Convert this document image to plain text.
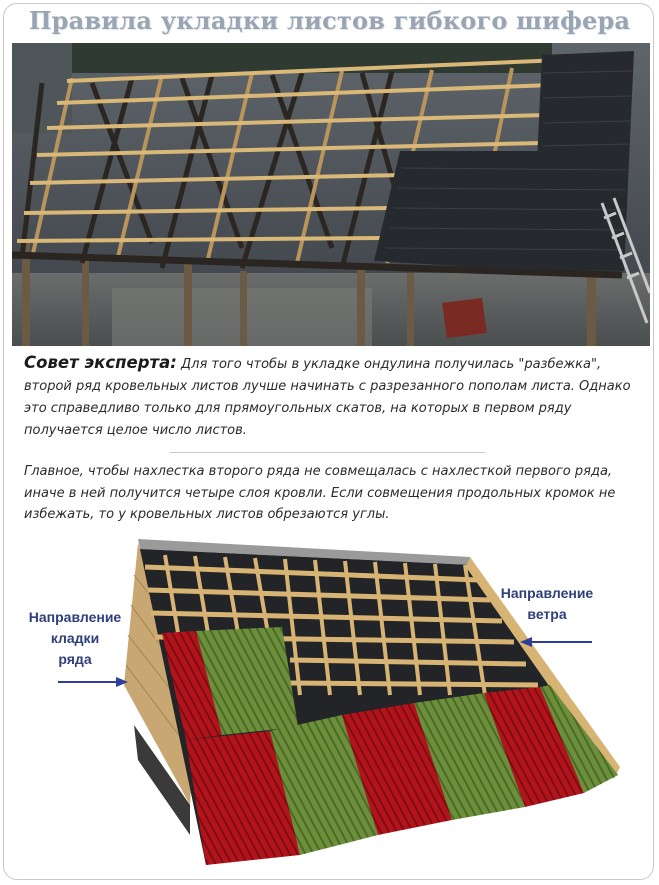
Правила укладки листов гибкого шифера
Совет эксперта: Для того чтобы в укладке ондулина получилась "разбежка", второй ряд кровельных листов лучше начинать с разрезанного пополам листа. Однако это справедливо только для прямоугольных скатов, на которых в первом ряду получается целое число листов.
Главное, чтобы нахлестка второго ряда не совмещалась с нахлесткой первого ряда, иначе в ней получится четыре слоя кровли. Если совмещения продольных кромок не избежать, то у кровельных листов обрезаются углы.
Направление
кладки
ряда
Направление
ветра
